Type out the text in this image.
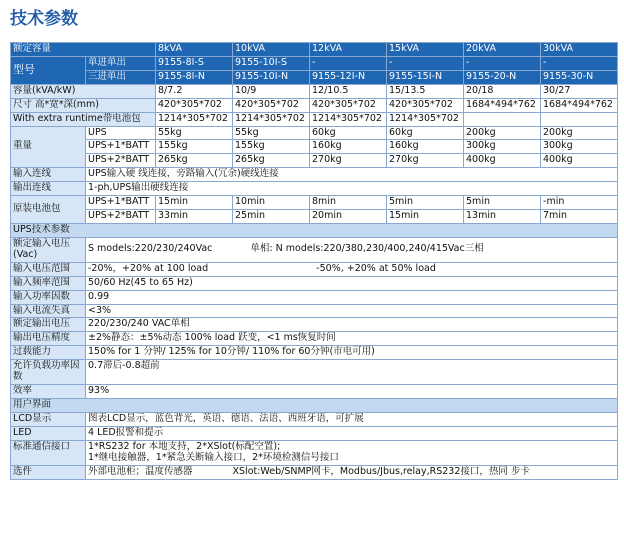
技术参数
额定容量		8kVA	10kVA	12kVA	15kVA	20kVA	30kVA
型号	单进单出	9155-8I-S	9155-10I-S	-	-	-	-
	三进单出	9155-8I-N	9155-10I-N	9155-12I-N	9155-15I-N	9155-20-N	9155-30-N
容量(kVA/kW)		8/7.2	10/9	12/10.5	15/13.5	20/18	30/27
尺寸 高*宽*深(mm)		420*305*702	420*305*702	420*305*702	420*305*702	1684*494*762	1684*494*762
With extra runtime带电池包		1214*305*702	1214*305*702	1214*305*702	1214*305*702		
重量	UPS	55kg	55kg	60kg	60kg	200kg	200kg
	UPS+1*BATT	155kg	155kg	160kg	160kg	300kg	300kg
	UPS+2*BATT	265kg	265kg	270kg	270kg	400kg	400kg
输入连线	UPS输入硬 线连接，旁路输入(冗余)硬线连接						
输出连线	1-ph,UPS输出硬线连接						
原装电池包	UPS+1*BATT	15min	10min	8min	5min	5min	-min
	UPS+2*BATT	33min	25min	20min	15min	13min	7min
UPS技术参数							
额定输入电压(Vac)	S models:220/230/240Vac 单相: N models:220/380,230/400,240/415Vac三相						
输入电压范围	-20%，+20% at 100 load -50%, +20% at 50% load						
输入频率范围	50/60 Hz(45 to 65 Hz)						
输入功率因数	0.99						
输入电流失真	<3%						
额定输出电压	220/230/240 VAC单相						
输出电压精度	±2%静态：±5%动态 100% load 跃变，<1 ms恢复时间						
过载能力	150% for 1 分钟/ 125% for 10分钟/ 110% for 60分钟(市电可用)						
允许负载功率因数	0.7滞后-0.8超前						
效率	93%						
用户界面							
LCD显示	图表LCD显示，蓝色背光，英语、德语、法语、西班牙语，可扩展						
LED	4 LED报警和提示						
标准通信接口	1*RS232 for 本地支持，2*XSlot(标配空置);
1*继电接触器，1*紧急关断输入接口，2*环境检测信号接口						

选件	外部电池柜；温度传感器 XSlot:Web/SNMP网卡，Modbus/Jbus,relay,RS232接口，热同 步卡						
